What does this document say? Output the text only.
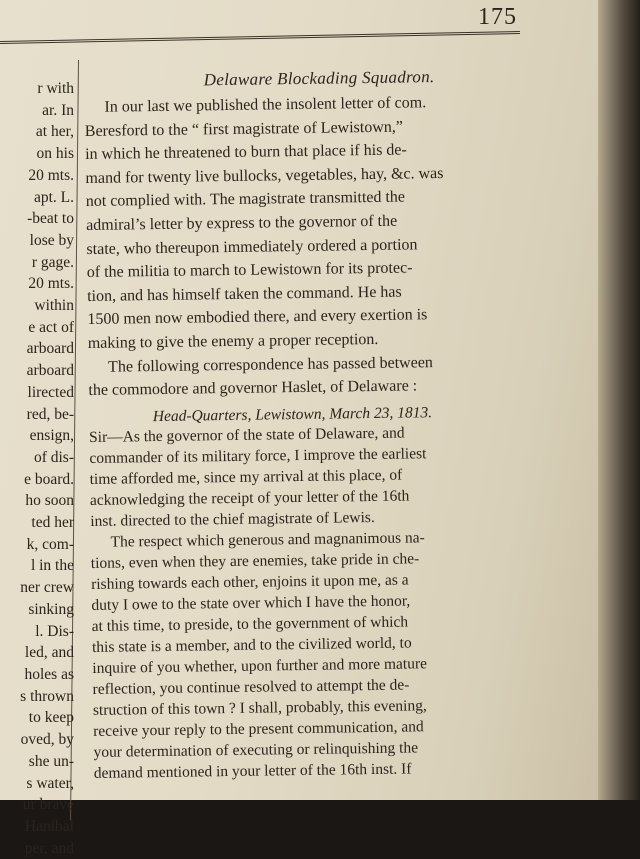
175
r with
ar. In
at her,
on his
20 mts.
apt. L.
-beat to
lose by
r gage.
20 mts.
within
e act of
arboard
arboard
lirected
red, be-
ensign,
of dis-
e board.
ho soon
ted her
k, com-
l in the
ner crew
sinking
l. Dis-
led, and
holes as
s thrown
to keep
oved, by
she un-
s water,
ur brave
Hanibal
per, and
Delaware Blockading Squadron.
In our last we published the insolent letter of com.
Beresford to the “ first magistrate of Lewistown,”
in which he threatened to burn that place if his de-
mand for twenty live bullocks, vegetables, hay, &c. was
not complied with. The magistrate transmitted the
admiral’s letter by express to the governor of the
state, who thereupon immediately ordered a portion
of the militia to march to Lewistown for its protec-
tion, and has himself taken the command. He has
1500 men now embodied there, and every exertion is
making to give the enemy a proper reception.
The following correspondence has passed between
the commodore and governor Haslet, of Delaware :
Head-Quarters, Lewistown, March 23, 1813.
Sir—As the governor of the state of Delaware, and
commander of its military force, I improve the earliest
time afforded me, since my arrival at this place, of
acknowledging the receipt of your letter of the 16th
inst. directed to the chief magistrate of Lewis.
The respect which generous and magnanimous na-
tions, even when they are enemies, take pride in che-
rishing towards each other, enjoins it upon me, as a
duty I owe to the state over which I have the honor,
at this time, to preside, to the government of which
this state is a member, and to the civilized world, to
inquire of you whether, upon further and more mature
reflection, you continue resolved to attempt the de-
struction of this town ? I shall, probably, this evening,
receive your reply to the present communication, and
your determination of executing or relinquishing the
demand mentioned in your letter of the 16th inst. If
